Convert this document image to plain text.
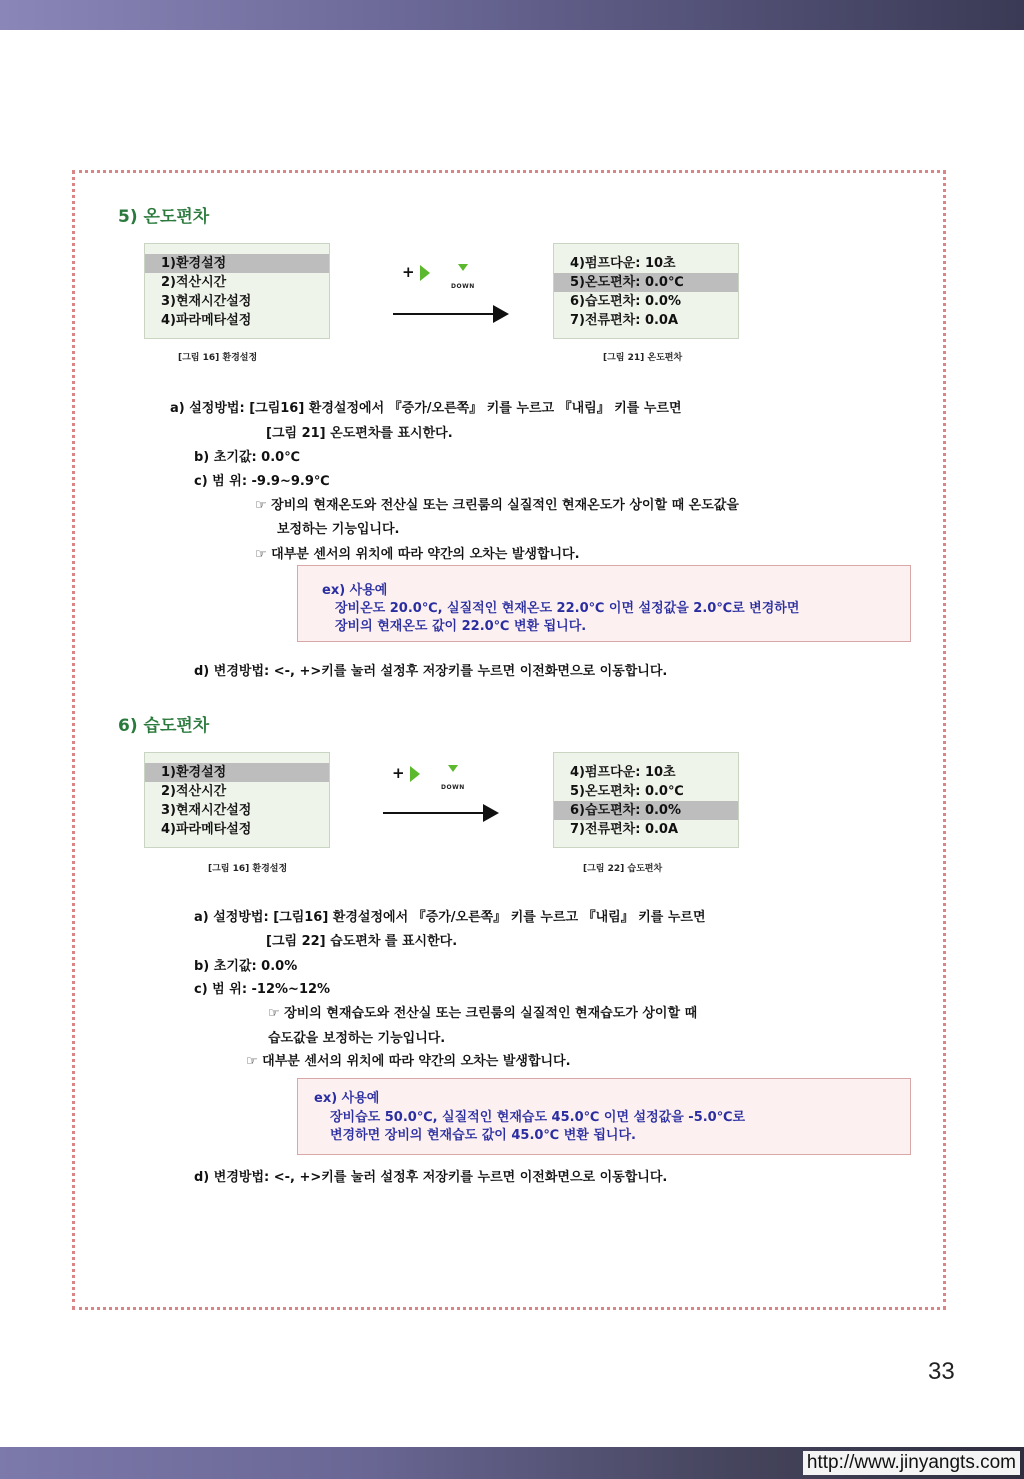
5) 온도편차
1)환경설정
2)적산시간
3)현재시간설정
4)파라메타설정
+
DOWN
4)펌프다운: 10초
5)온도편차: 0.0℃
6)습도편차: 0.0%
7)전류편차: 0.0A
[그림 16] 환경설정	[그림 21] 온도편차
a) 설정방법: [그림16] 환경설정에서 『증가/오른쪽』 키를 누르고 『내림』 키를 누르면
[그림 21] 온도편차를 표시한다.
b) 초기값: 0.0℃
c) 범 위: -9.9~9.9℃
☞ 장비의 현재온도와 전산실 또는 크린룸의 실질적인 현재온도가 상이할 때 온도값을
보정하는 기능입니다.
☞ 대부분 센서의 위치에 따라 약간의 오차는 발생합니다.
ex) 사용예
장비온도 20.0℃, 실질적인 현재온도 22.0℃ 이면 설정값을 2.0℃로 변경하면
장비의 현재온도 값이 22.0℃ 변환 됩니다.
d) 변경방법: <-, +>키를 눌러 설정후 저장키를 누르면 이전화면으로 이동합니다.
6) 습도편차
1)환경설정
2)적산시간
3)현재시간설정
4)파라메타설정
+
DOWN
4)펌프다운: 10초
5)온도편차: 0.0℃
6)습도편차: 0.0%
7)전류편차: 0.0A
[그림 16] 환경설정	[그림 22] 습도편차
a) 설정방법: [그림16] 환경설정에서 『증가/오른쪽』 키를 누르고 『내림』 키를 누르면
[그림 22] 습도편차 를 표시한다.
b) 초기값: 0.0%
c) 범 위: -12%~12%
☞ 장비의 현재습도와 전산실 또는 크린룸의 실질적인 현재습도가 상이할 때
습도값을 보정하는 기능입니다.
☞ 대부분 센서의 위치에 따라 약간의 오차는 발생합니다.
ex) 사용예
장비습도 50.0℃, 실질적인 현재습도 45.0℃ 이면 설정값을 -5.0℃로
변경하면 장비의 현재습도 값이 45.0℃ 변환 됩니다.
d) 변경방법: <-, +>키를 눌러 설정후 저장키를 누르면 이전화면으로 이동합니다.
33
http://www.jinyangts.com
